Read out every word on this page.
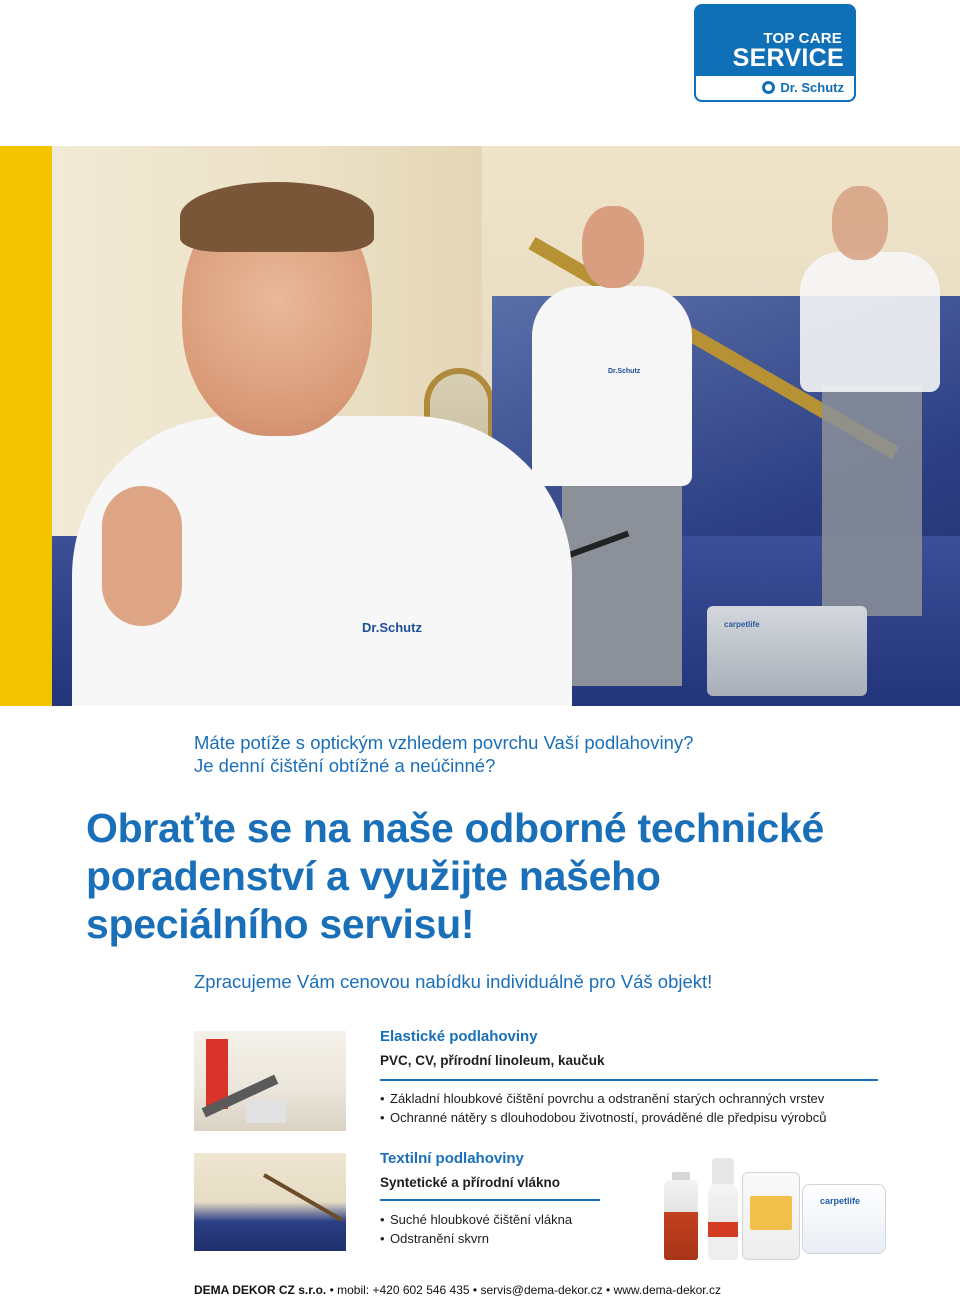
TOP CARE
SERVICE
Dr. Schutz
carpetlife
Dr.Schutz
Dr.Schutz
Máte potíže s optickým vzhledem povrchu Vaší podlahoviny?
Je denní čištění obtížné a neúčinné?
Obraťte se na naše odborné technické
poradenství a využijte našeho
speciálního servisu!
Zpracujeme Vám cenovou nabídku individuálně pro Váš objekt!
Elastické podlahoviny
PVC, CV, přírodní linoleum, kaučuk
• Základní hloubkové čištění povrchu a odstranění starých ochranných vrstev
• Ochranné nátěry s dlouhodobou životností, prováděné dle předpisu výrobců
Textilní podlahoviny
Syntetické a přírodní vlákno
• Suché hloubkové čištění vlákna
• Odstranění skvrn
carpetlife
DEMA DEKOR CZ s.r.o. • mobil: +420 602 546 435 • servis@dema-dekor.cz • www.dema-dekor.cz
